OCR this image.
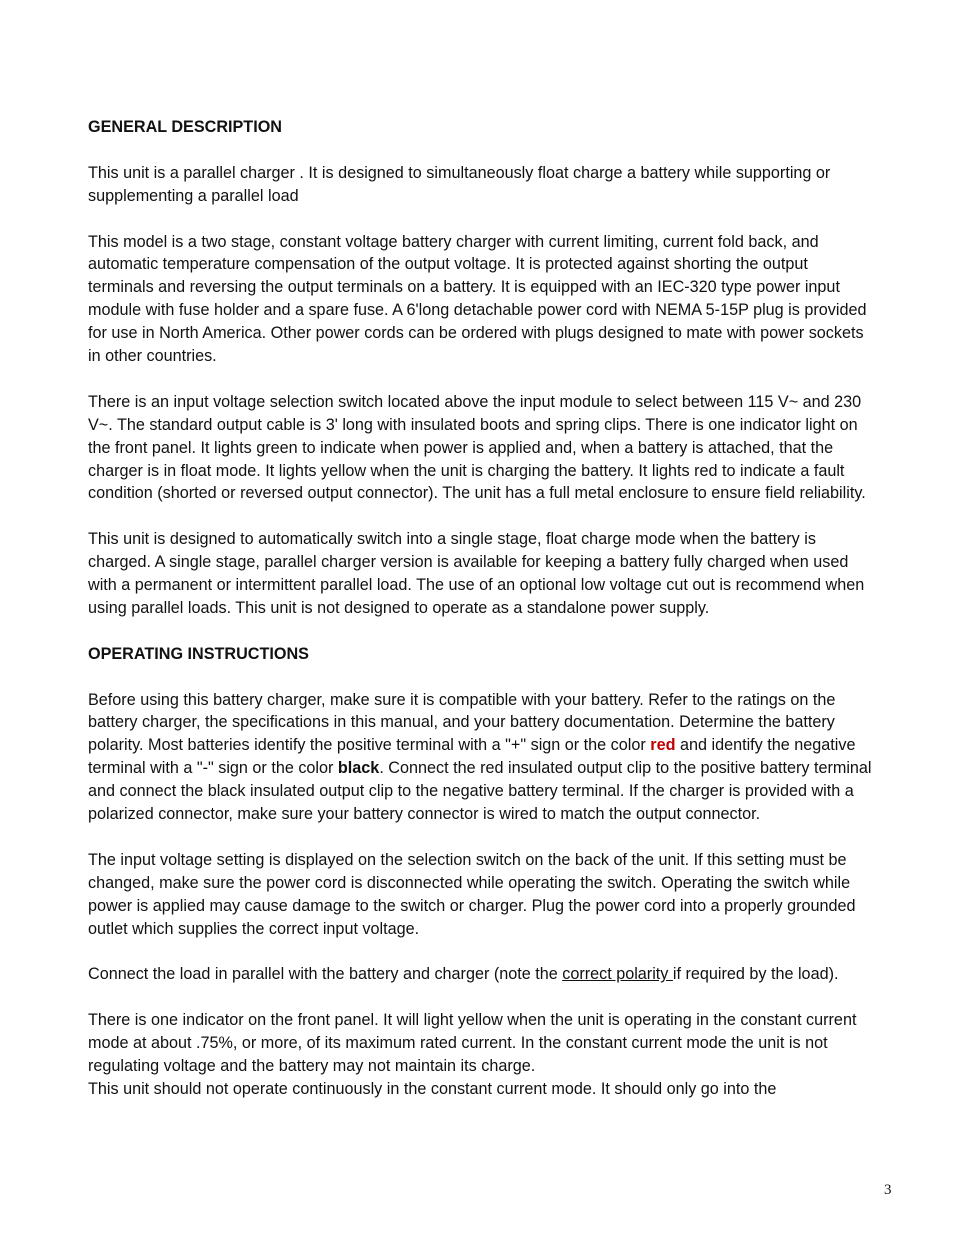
GENERAL DESCRIPTION

This unit is a parallel charger . It is designed to simultaneously float charge a battery while supporting or supplementing a parallel load

This model is a two stage, constant voltage battery charger with current limiting, current fold back, and automatic temperature compensation of the output voltage. It is protected against shorting the output terminals and reversing the output terminals on a battery. It is equipped with an IEC-320 type power input module with fuse holder and a spare fuse. A 6'long detachable power cord with NEMA 5-15P plug is provided for use in North America. Other power cords can be ordered with plugs designed to mate with power sockets in other countries.

There is an input voltage selection switch located above the input module to select between 115 V~ and 230 V~. The standard output cable is 3' long with insulated boots and spring clips. There is one indicator light on the front panel. It lights green to indicate when power is applied and, when a battery is attached, that the charger is in float mode. It lights yellow when the unit is charging the battery. It lights red to indicate a fault condition (shorted or reversed output connector). The unit has a full metal enclosure to ensure field reliability.

This unit is designed to automatically switch into a single stage, float charge mode when the battery is charged. A single stage, parallel charger version is available for keeping a battery fully charged when used with a permanent or intermittent parallel load. The use of an optional low voltage cut out is recommend when using parallel loads. This unit is not designed to operate as a standalone power supply.

OPERATING INSTRUCTIONS

Before using this battery charger, make sure it is compatible with your battery. Refer to the ratings on the battery charger, the specifications in this manual, and your battery documentation. Determine the battery polarity. Most batteries identify the positive terminal with a "+" sign or the color red and identify the negative terminal with a "-" sign or the color black. Connect the red insulated output clip to the positive battery terminal and connect the black insulated output clip to the negative battery terminal. If the charger is provided with a polarized connector, make sure your battery connector is wired to match the output connector.

The input voltage setting is displayed on the selection switch on the back of the unit. If this setting must be changed, make sure the power cord is disconnected while operating the switch. Operating the switch while power is applied may cause damage to the switch or charger. Plug the power cord into a properly grounded outlet which supplies the correct input voltage.

Connect the load in parallel with the battery and charger (note the correct polarity if required by the load).

There is one indicator on the front panel. It will light yellow when the unit is operating in the constant current mode at about .75%, or more, of its maximum rated current. In the constant current mode the unit is not regulating voltage and the battery may not maintain its charge.

This unit should not operate continuously in the constant current mode. It should only go into the

3
